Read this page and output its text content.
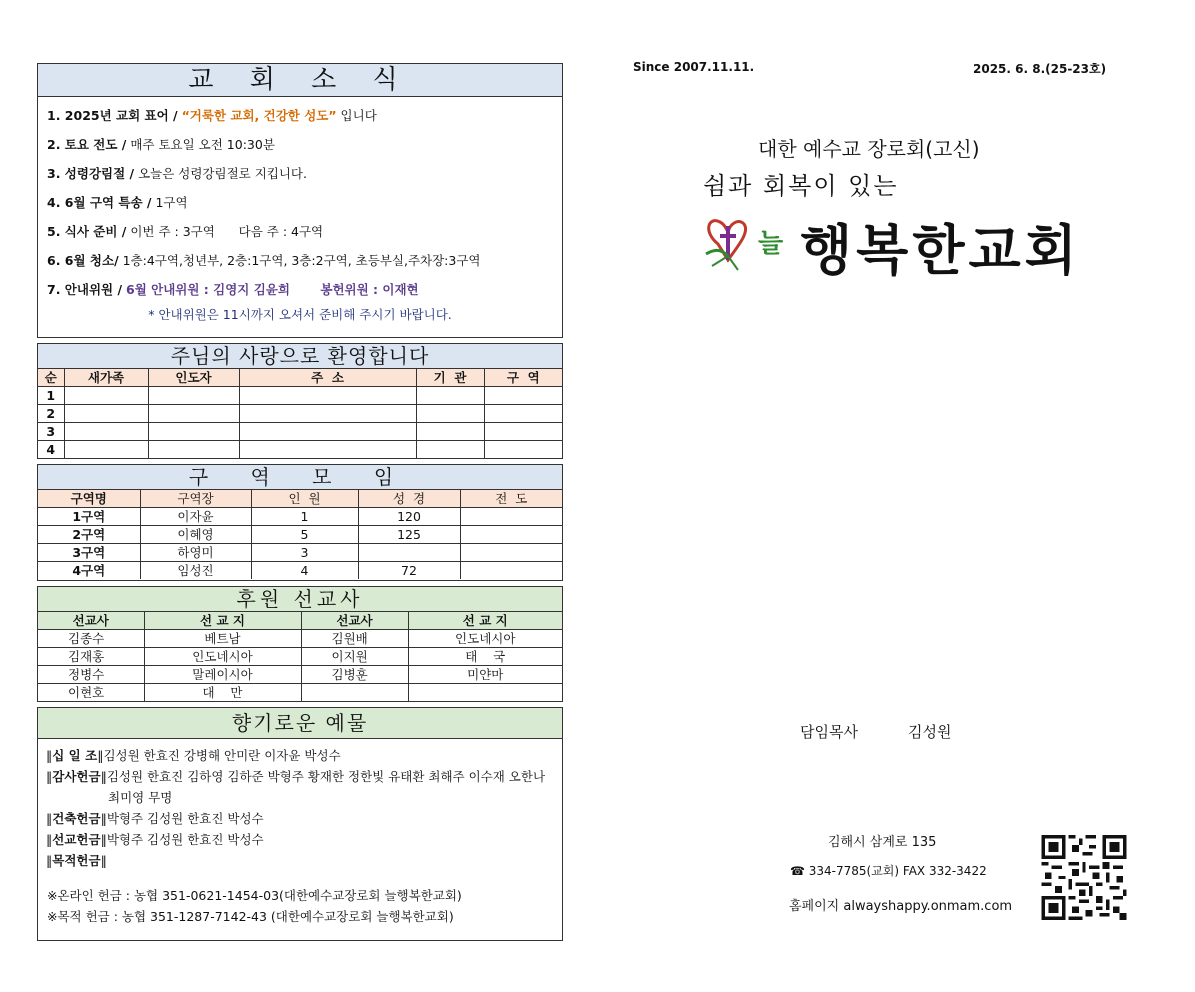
교 회 소 식
1. 2025년 교회 표어 / “거룩한 교회, 건강한 성도” 입니다
2. 토요 전도 / 매주 토요일 오전 10:30분
3. 성령강림절 / 오늘은 성령강림절로 지킵니다.
4. 6월 구역 특송 / 1구역
5. 식사 준비 / 이번 주 : 3구역      다음 주 : 4구역
6. 6월 청소/ 1층:4구역,청년부, 2층:1구역, 3층:2구역, 초등부실,주차장:3구역
7. 안내위원 / 6월 안내위원 : 김영지 김윤희       봉헌위원 : 이재현
* 안내위원은 11시까지 오셔서 준비해 주시기 바랍니다.
주님의 사랑으로 환영합니다
순	새가족	인도자	주  소	기  관	구  역
1					
2					
3					
4					
구 역 모 임
구역명	구역장	인  원	성  경	전  도
1구역	이자윤	1	120	
2구역	이혜영	5	125	
3구역	하영미	3		
4구역	임성진	4	72	
후원 선교사
선교사	선 교 지	선교사	선 교 지
김종수	베트남	김원배	인도네시아
김재홍	인도네시아	이지원	태    국
정병수	말레이시아	김병훈	미얀마
이현호	대    만		
향기로운 예물
‖십 일 조‖김성원 한효진 강병해 안미란 이자윤 박성수
‖감사헌금‖김성원 한효진 김하영 김하준 박형주 황재한 정한빛 유태환 최해주 이수재 오한나
최미영 무명
‖건축헌금‖박형주 김성원 한효진 박성수
‖선교헌금‖박형주 김성원 한효진 박성수
‖목적헌금‖
※온라인 헌금 : 농협 351-0621-1454-03(대한예수교장로회 늘행복한교회)
※목적 헌금 : 농협 351-1287-7142-43 (대한예수교장로회 늘행복한교회)
Since 2007.11.11.	2025. 6. 8.(25-23호)
대한 예수교 장로회(고신)
쉼과 회복이 있는
늘 행복한교회
담임목사	김성원
김해시 삼계로 135
☎ 334-7785(교회) FAX 332-3422
홈페이지 alwayshappy.onmam.com
